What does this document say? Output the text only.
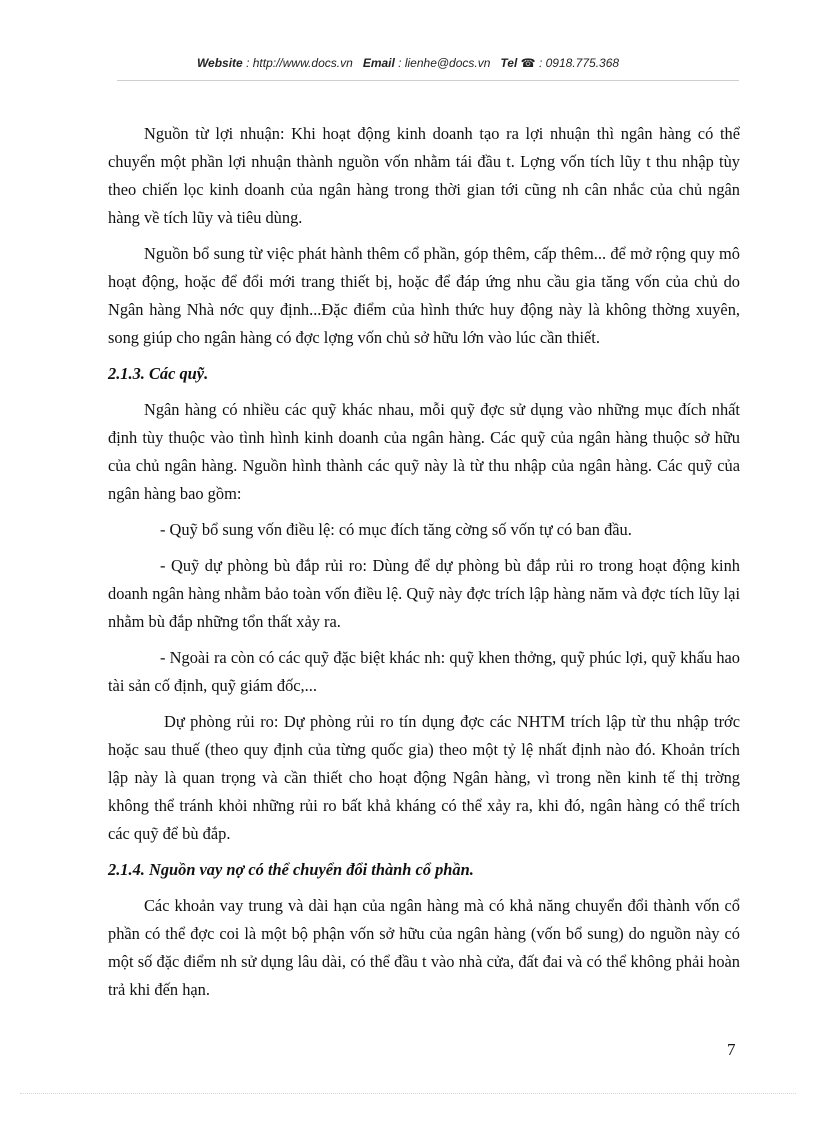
Website : http://www.docs.vn Email : lienhe@docs.vn Tel ☎ : 0918.775.368

Nguồn từ lợi nhuận: Khi hoạt động kinh doanh tạo ra lợi nhuận thì ngân hàng có thể chuyển một phần lợi nhuận thành nguồn vốn nhằm tái đầu t. Lợng vốn tích lũy t thu nhập tùy theo chiến lọc kinh doanh của ngân hàng trong thời gian tới cũng nh cân nhắc của chủ ngân hàng về tích lũy và tiêu dùng.

Nguồn bổ sung từ việc phát hành thêm cổ phần, góp thêm, cấp thêm... để mở rộng quy mô hoạt động, hoặc để đổi mới trang thiết bị, hoặc để đáp ứng nhu cầu gia tăng vốn của chủ do Ngân hàng Nhà nớc quy định...Đặc điểm của hình thức huy động này là không thờng xuyên, song giúp cho ngân hàng có đợc lợng vốn chủ sở hữu lớn vào lúc cần thiết.

2.1.3. Các quỹ.

Ngân hàng có nhiều các quỹ khác nhau, mỗi quỹ đợc sử dụng vào những mục đích nhất định tùy thuộc vào tình hình kinh doanh của ngân hàng. Các quỹ của ngân hàng thuộc sở hữu của chủ ngân hàng. Nguồn hình thành các quỹ này là từ thu nhập của ngân hàng. Các quỹ của ngân hàng bao gồm:

- Quỹ bổ sung vốn điều lệ: có mục đích tăng cờng số vốn tự có ban đầu.

- Quỹ dự phòng bù đắp rủi ro: Dùng để dự phòng bù đắp rủi ro trong hoạt động kinh doanh ngân hàng nhằm bảo toàn vốn điều lệ. Quỹ này đợc trích lập hàng năm và đợc tích lũy lại nhằm bù đắp những tổn thất xảy ra.

- Ngoài ra còn có các quỹ đặc biệt khác nh: quỹ khen thởng, quỹ phúc lợi, quỹ khấu hao tài sản cố định, quỹ giám đốc,...

Dự phòng rủi ro: Dự phòng rủi ro tín dụng đợc các NHTM trích lập từ thu nhập trớc hoặc sau thuế (theo quy định của từng quốc gia) theo một tỷ lệ nhất định nào đó. Khoản trích lập này là quan trọng và cần thiết cho hoạt động Ngân hàng, vì trong nền kinh tế thị trờng không thể tránh khỏi những rủi ro bất khả kháng có thể xảy ra, khi đó, ngân hàng có thể trích các quỹ để bù đắp.

2.1.4. Nguồn vay nợ có thể chuyển đổi thành cổ phần.

Các khoản vay trung và dài hạn của ngân hàng mà có khả năng chuyển đổi thành vốn cổ phần có thể đợc coi là một bộ phận vốn sở hữu của ngân hàng (vốn bổ sung) do nguồn này có một số đặc điểm nh sử dụng lâu dài, có thể đầu t vào nhà cửa, đất đai và có thể không phải hoàn trả khi đến hạn.

7
